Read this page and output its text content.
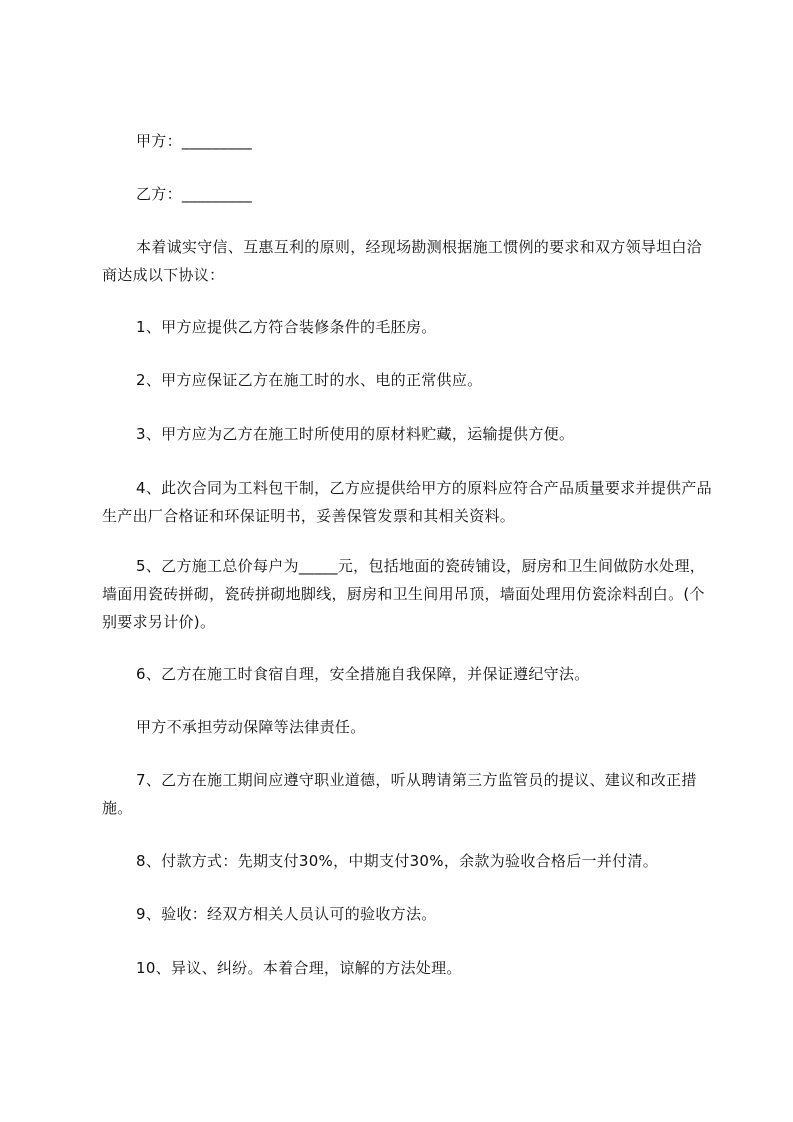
甲方：_________

乙方：_________

本着诚实守信、互惠互利的原则，经现场勘测根据施工惯例的要求和双方领导坦白洽商达成以下协议：

1、甲方应提供乙方符合装修条件的毛胚房。

2、甲方应保证乙方在施工时的水、电的正常供应。

3、甲方应为乙方在施工时所使用的原材料贮藏，运输提供方便。

4、此次合同为工料包干制，乙方应提供给甲方的原料应符合产品质量要求并提供产品生产出厂合格证和环保证明书，妥善保管发票和其相关资料。

5、乙方施工总价每户为_____元，包括地面的瓷砖铺设，厨房和卫生间做防水处理，墙面用瓷砖拼砌，瓷砖拼砌地脚线，厨房和卫生间用吊顶，墙面处理用仿瓷涂料刮白。(个别要求另计价)。

6、乙方在施工时食宿自理，安全措施自我保障，并保证遵纪守法。

甲方不承担劳动保障等法律责任。

7、乙方在施工期间应遵守职业道德，听从聘请第三方监管员的提议、建议和改正措施。

8、付款方式：先期支付30%，中期支付30%，余款为验收合格后一并付清。

9、验收：经双方相关人员认可的验收方法。

10、异议、纠纷。本着合理，谅解的方法处理。
